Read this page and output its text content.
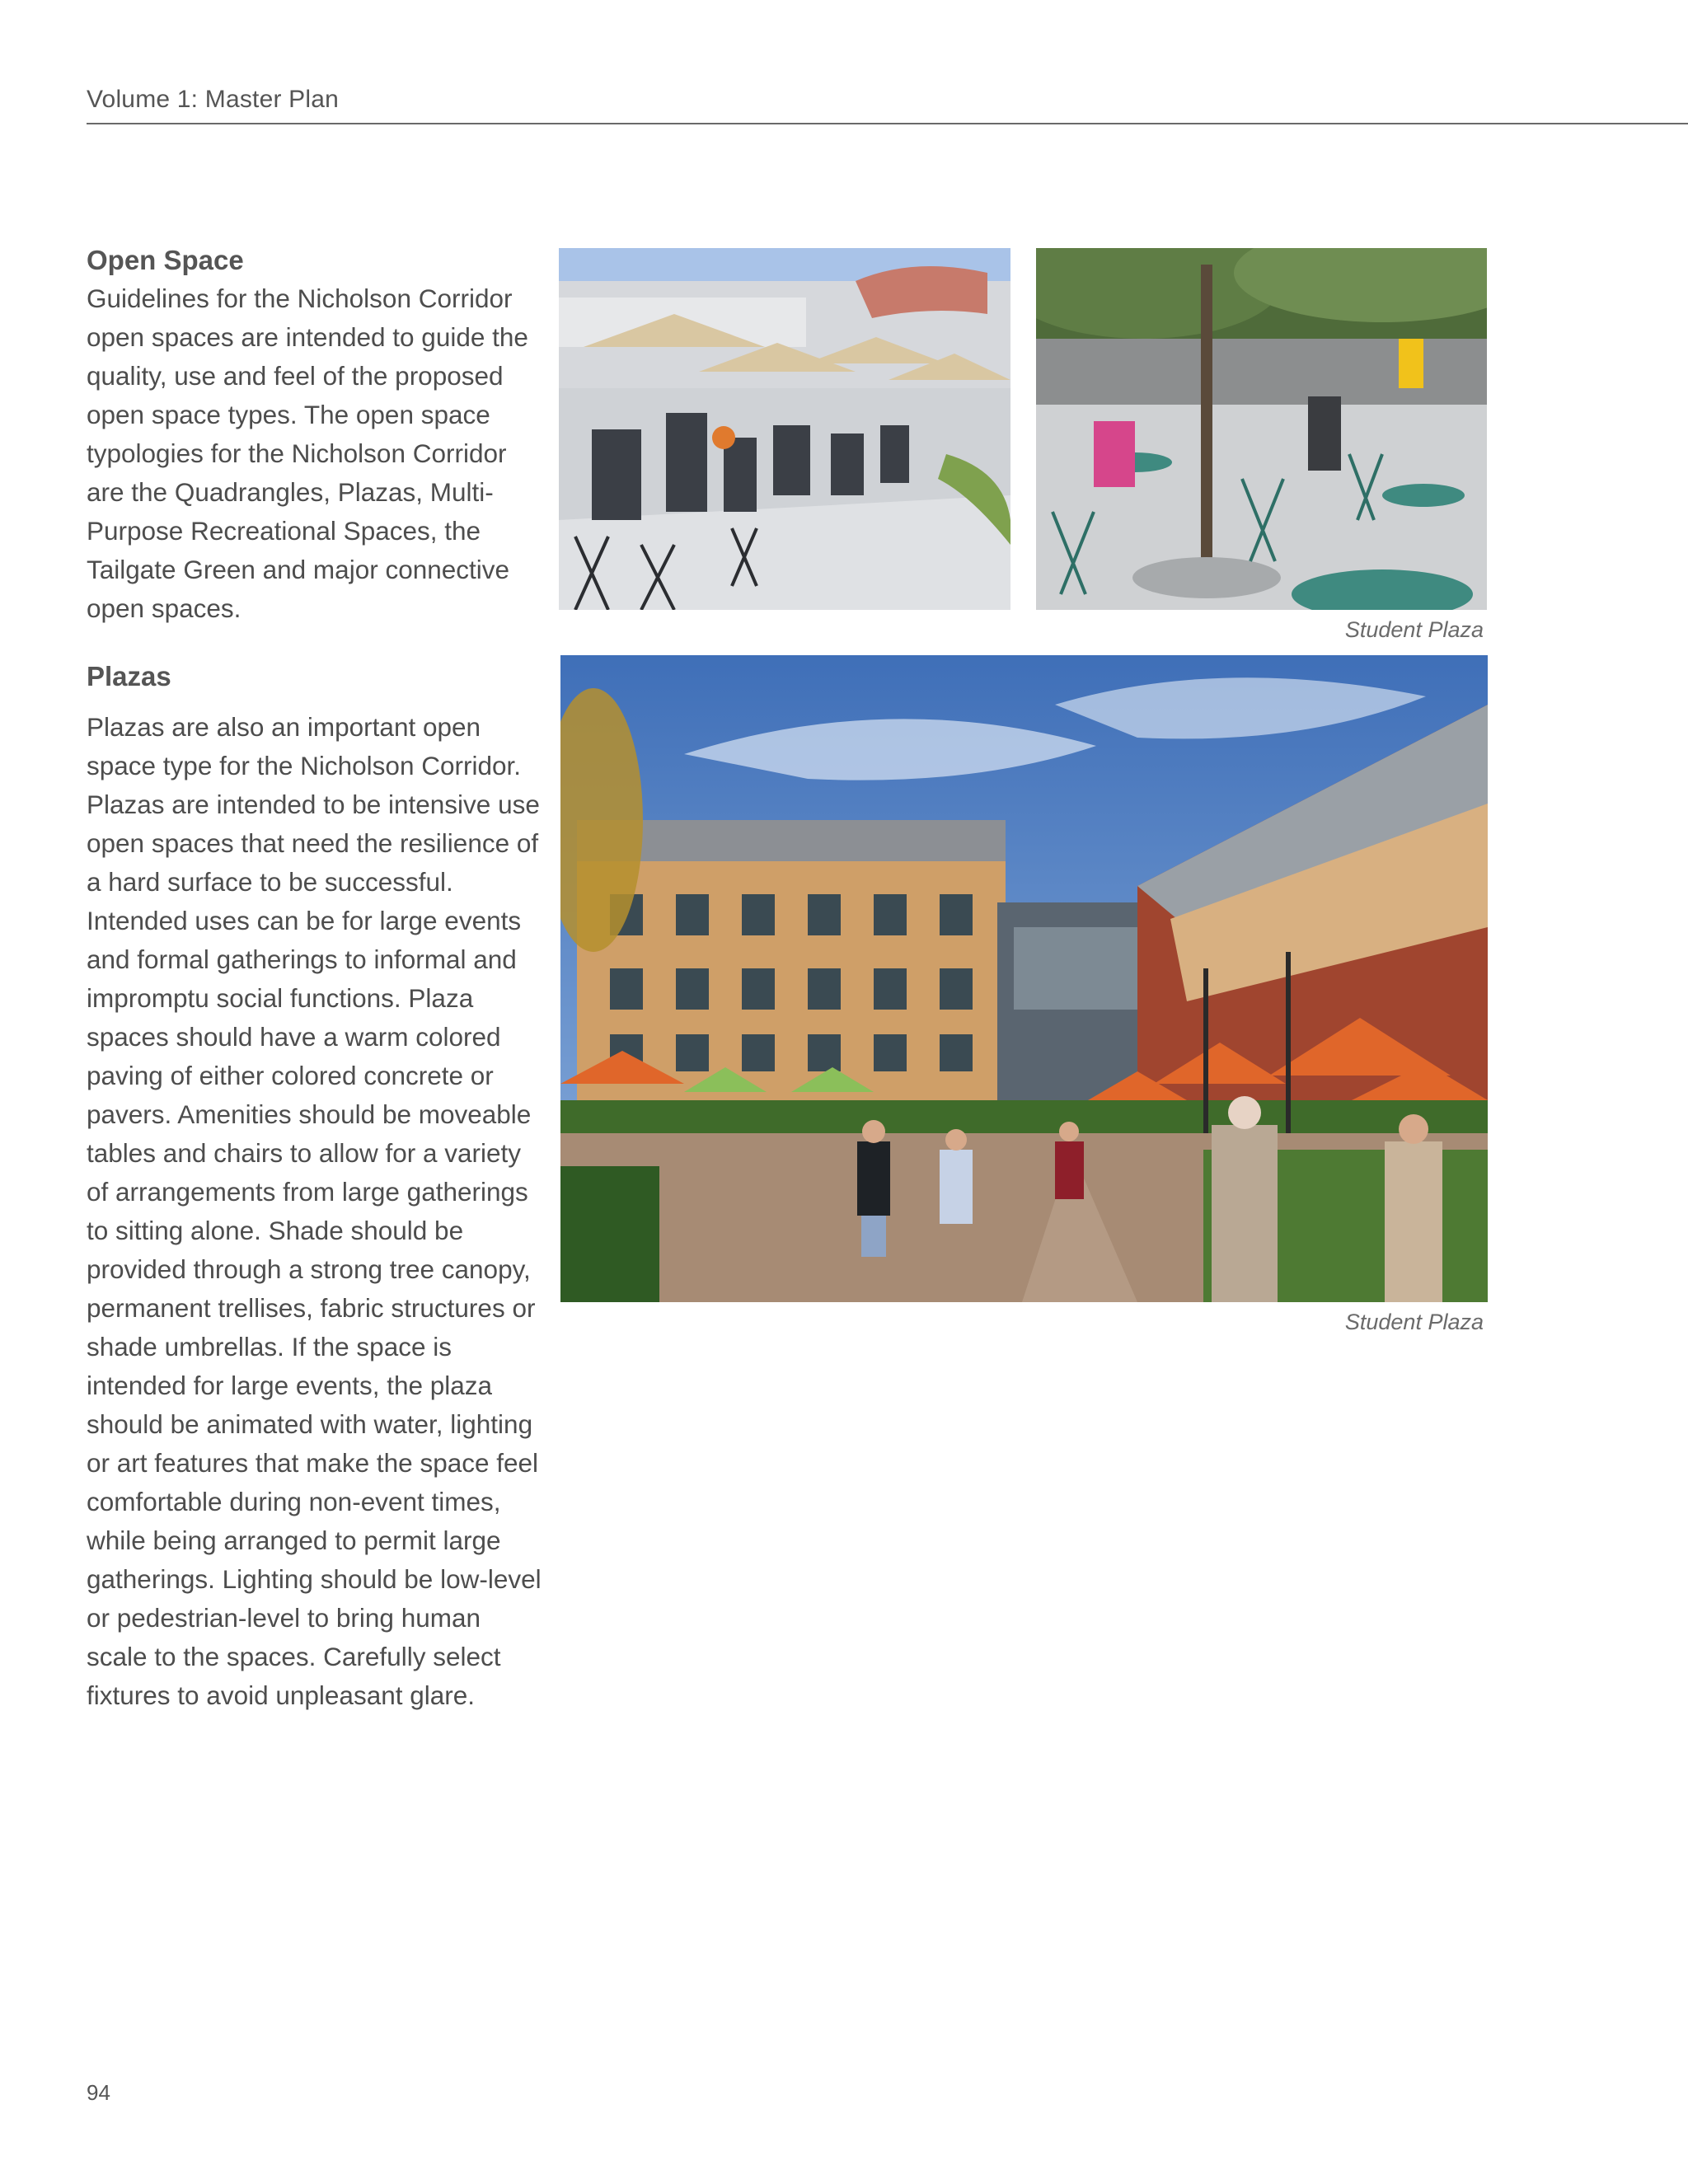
Volume 1: Master Plan
Open Space

Guidelines for the Nicholson Corridor open spaces are intended to guide the quality, use and feel of the proposed open space types. The open space typologies for the Nicholson Corridor are the Quadrangles, Plazas, Multi-Purpose Recreational Spaces, the Tailgate Green and major connective open spaces.

Plazas

Plazas are also an important open space type for the Nicholson Corridor. Plazas are intended to be intensive use open spaces that need the resilience of a hard surface to be successful. Intended uses can be for large events and formal gatherings to informal and impromptu social functions. Plaza spaces should have a warm colored paving of either colored concrete or pavers. Amenities should be moveable tables and chairs to allow for a variety of arrangements from large gatherings to sitting alone. Shade should be provided through a strong tree canopy, permanent trellises, fabric structures or shade umbrellas. If the space is intended for large events, the plaza should be animated with water, lighting or art features that make the space feel comfortable during non-event times, while being arranged to permit large gatherings. Lighting should be low-level or pedestrian-level to bring human scale to the spaces. Carefully select fixtures to avoid unpleasant glare.

Student Plaza
Student Plaza
94
